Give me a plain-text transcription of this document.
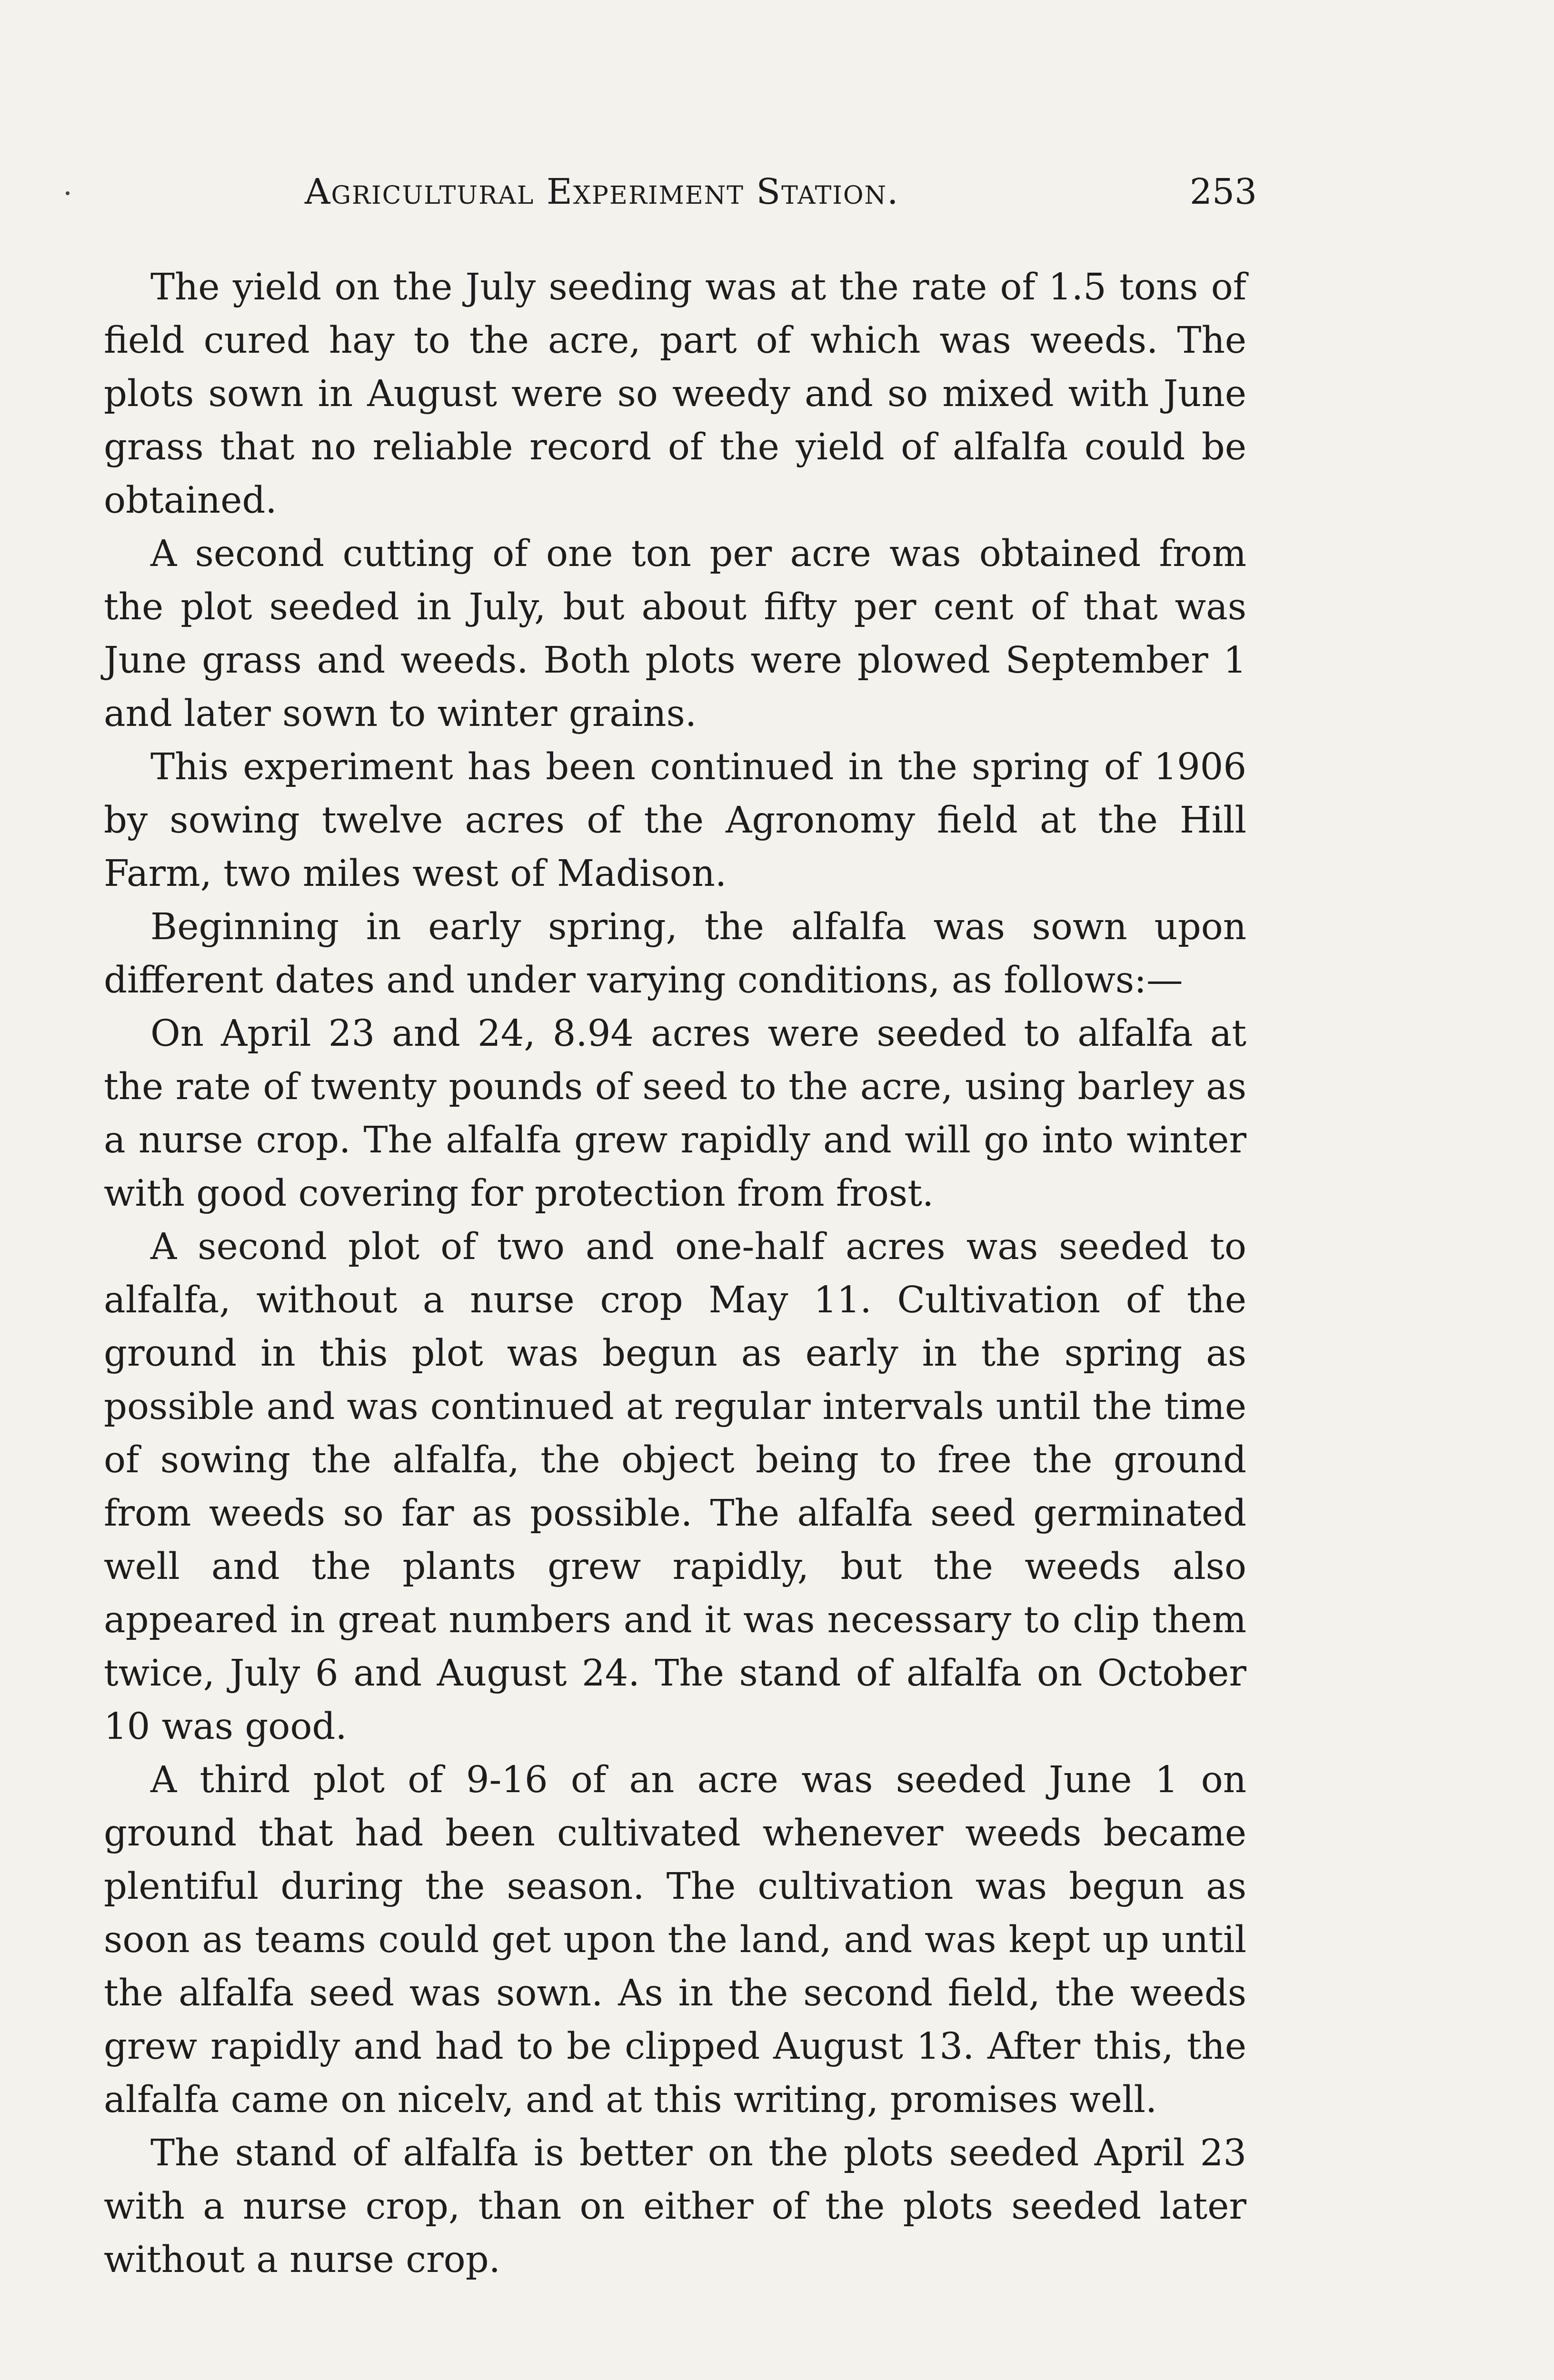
Agricultural Experiment Station.	253

The yield on the July seeding was at the rate of 1.5 tons of field cured hay to the acre, part of which was weeds. The plots sown in August were so weedy and so mixed with June grass that no reliable record of the yield of alfalfa could be obtained.

A second cutting of one ton per acre was obtained from the plot seeded in July, but about fifty per cent of that was June grass and weeds. Both plots were plowed September 1 and later sown to winter grains.

This experiment has been continued in the spring of 1906 by sowing twelve acres of the Agronomy field at the Hill Farm, two miles west of Madison.

Beginning in early spring, the alfalfa was sown upon different dates and under varying conditions, as follows:—

On April 23 and 24, 8.94 acres were seeded to alfalfa at the rate of twenty pounds of seed to the acre, using barley as a nurse crop. The alfalfa grew rapidly and will go into winter with good covering for protection from frost.

A second plot of two and one-half acres was seeded to alfalfa, without a nurse crop May 11. Cultivation of the ground in this plot was begun as early in the spring as possible and was continued at regular intervals until the time of sowing the alfalfa, the object being to free the ground from weeds so far as possible. The alfalfa seed germinated well and the plants grew rapidly, but the weeds also appeared in great numbers and it was necessary to clip them twice, July 6 and August 24. The stand of alfalfa on October 10 was good.

A third plot of 9-16 of an acre was seeded June 1 on ground that had been cultivated whenever weeds became plentiful during the season. The cultivation was begun as soon as teams could get upon the land, and was kept up until the alfalfa seed was sown. As in the second field, the weeds grew rapidly and had to be clipped August 13. After this, the alfalfa came on nicelv, and at this writing, promises well.

The stand of alfalfa is better on the plots seeded April 23 with a nurse crop, than on either of the plots seeded later without a nurse crop.
